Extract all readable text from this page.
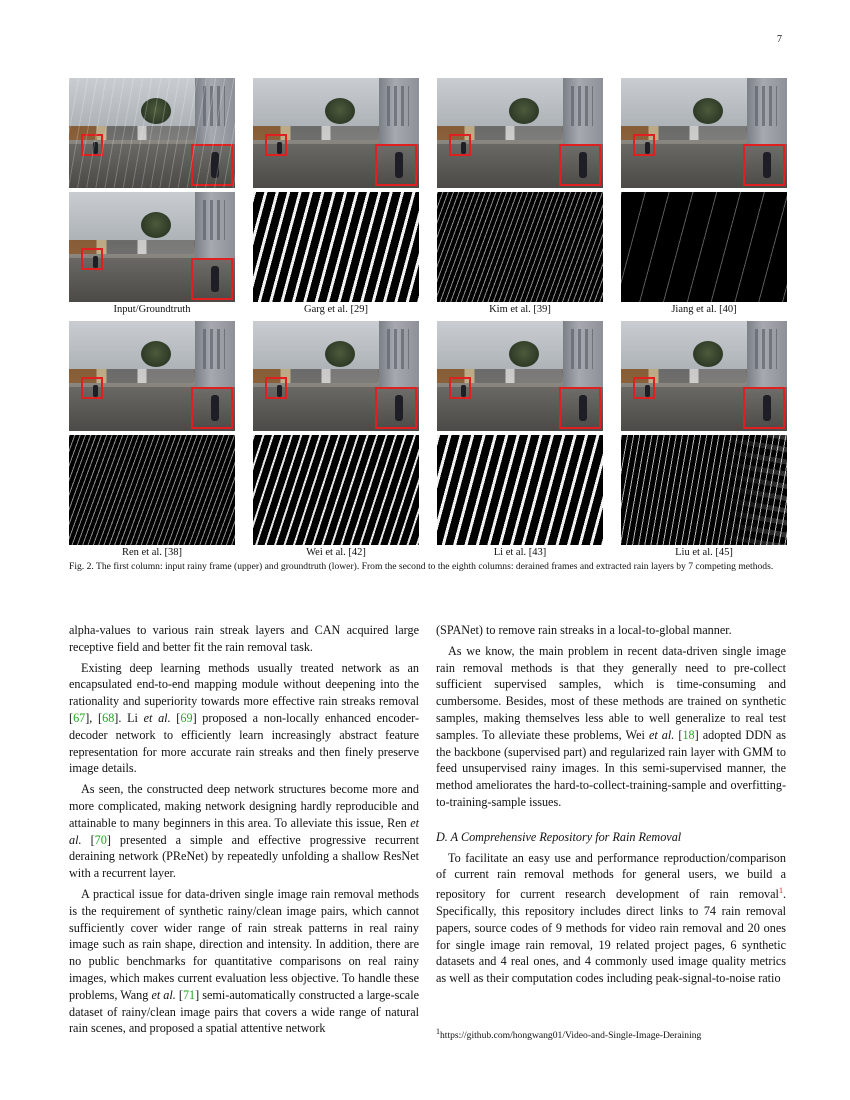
7
Input/Groundtruth	Garg et al. [29]	Kim et al. [39]	Jiang et al. [40]
Ren et al. [38]	Wei et al. [42]	Li et al. [43]	Liu et al. [45]
Fig. 2. The first column: input rainy frame (upper) and groundtruth (lower). From the second to the eighth columns: derained frames and extracted rain layers by 7 competing methods.

alpha-values to various rain streak layers and CAN acquired large receptive field and better fit the rain removal task.

Existing deep learning methods usually treated network as an encapsulated end-to-end mapping module without deepening into the rationality and superiority towards more effective rain streaks removal [67], [68]. Li et al. [69] proposed a non-locally enhanced encoder-decoder network to efficiently learn increasingly abstract feature representation for more accurate rain streaks and then finely preserve image details.

As seen, the constructed deep network structures become more and more complicated, making network designing hardly reproducible and attainable to many beginners in this area. To alleviate this issue, Ren et al. [70] presented a simple and effective progressive recurrent deraining network (PReNet) by repeatedly unfolding a shallow ResNet with a recurrent layer.

A practical issue for data-driven single image rain removal methods is the requirement of synthetic rainy/clean image pairs, which cannot sufficiently cover wider range of rain streak patterns in real rainy image such as rain shape, direction and intensity. In addition, there are no public benchmarks for quantitative comparisons on real rainy images, which makes current evaluation less objective. To handle these problems, Wang et al. [71] semi-automatically constructed a large-scale dataset of rainy/clean image pairs that covers a wide range of natural rain scenes, and proposed a spatial attentive network

(SPANet) to remove rain streaks in a local-to-global manner.

As we know, the main problem in recent data-driven single image rain removal methods is that they generally need to pre-collect sufficient supervised samples, which is time-consuming and cumbersome. Besides, most of these methods are trained on synthetic samples, making themselves less able to well generalize to real test samples. To alleviate these problems, Wei et al. [18] adopted DDN as the backbone (supervised part) and regularized rain layer with GMM to feed unsupervised rainy images. In this semi-supervised manner, the method ameliorates the hard-to-collect-training-sample and overfitting-to-training-sample issues.

D. A Comprehensive Repository for Rain Removal

To facilitate an easy use and performance reproduction/comparison of current rain removal methods for general users, we build a repository for current research development of rain removal$^1$. Specifically, this repository includes direct links to 74 rain removal papers, source codes of 9 methods for video rain removal and 20 ones for single image rain removal, 19 related project pages, 6 synthetic datasets and 4 real ones, and 4 commonly used image quality metrics as well as their computation codes including peak-signal-to-noise ratio

$^1$https://github.com/hongwang01/Video-and-Single-Image-Deraining
